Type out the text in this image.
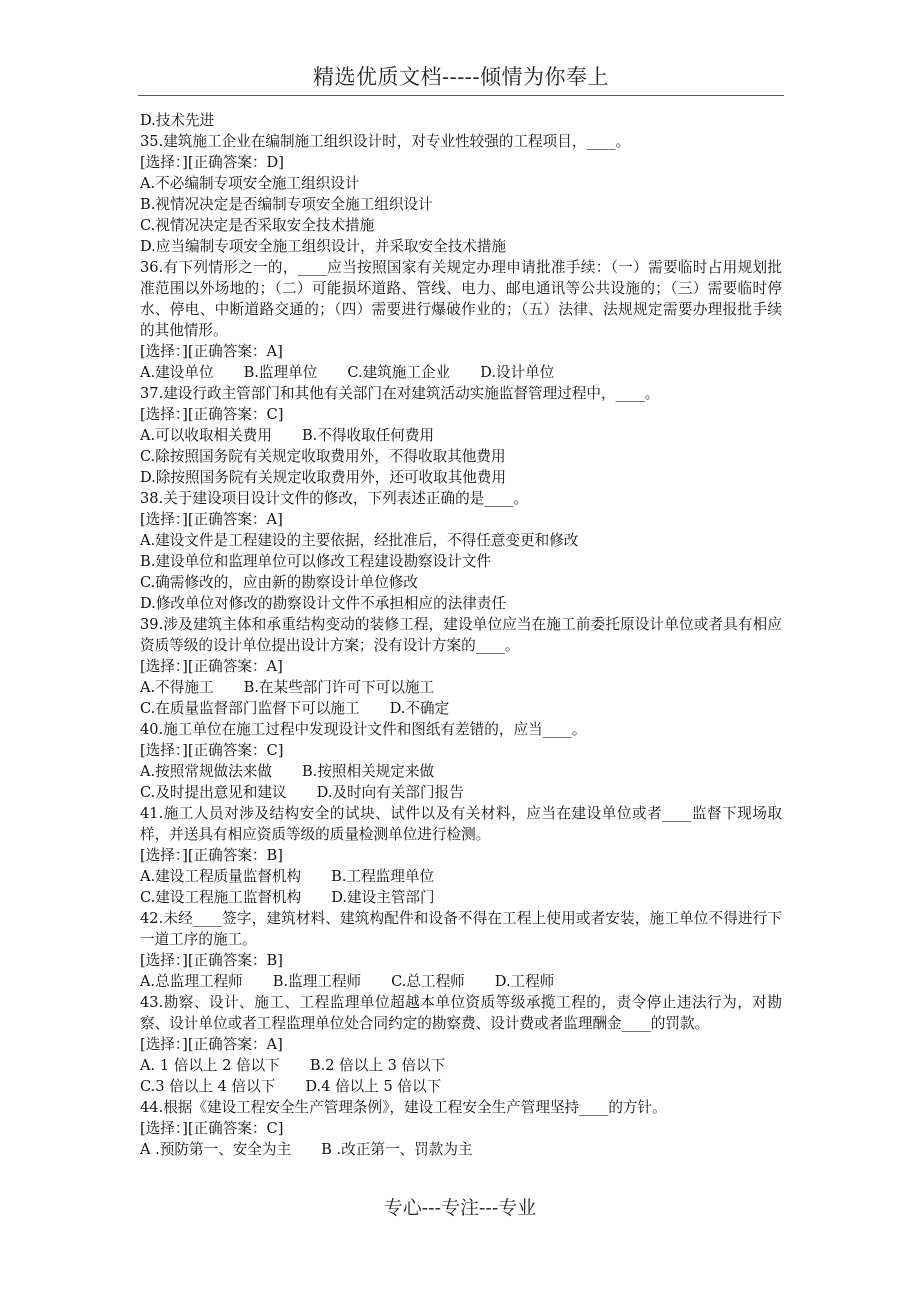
精选优质文档-----倾情为你奉上
D.技术先进
35.建筑施工企业在编制施工组织设计时，对专业性较强的工程项目，____。
[选择：][正确答案：D]
A.不必编制专项安全施工组织设计
B.视情况决定是否编制专项安全施工组织设计
C.视情况决定是否采取安全技术措施
D.应当编制专项安全施工组织设计，并采取安全技术措施
36.有下列情形之一的，____应当按照国家有关规定办理申请批准手续：（一）需要临时占用规划批准范围以外场地的；（二）可能损坏道路、管线、电力、邮电通讯等公共设施的；（三）需要临时停水、停电、中断道路交通的；（四）需要进行爆破作业的；（五）法律、法规规定需要办理报批手续的其他情形。
[选择：][正确答案：A]
A.建设单位 B.监理单位 C.建筑施工企业 D.设计单位
37.建设行政主管部门和其他有关部门在对建筑活动实施监督管理过程中，____。
[选择：][正确答案：C]
A.可以收取相关费用 B.不得收取任何费用
C.除按照国务院有关规定收取费用外，不得收取其他费用
D.除按照国务院有关规定收取费用外，还可收取其他费用
38.关于建设项目设计文件的修改，下列表述正确的是____。
[选择：][正确答案：A]
A.建设文件是工程建设的主要依据，经批准后，不得任意变更和修改
B.建设单位和监理单位可以修改工程建设勘察设计文件
C.确需修改的，应由新的勘察设计单位修改
D.修改单位对修改的勘察设计文件不承担相应的法律责任
39.涉及建筑主体和承重结构变动的装修工程，建设单位应当在施工前委托原设计单位或者具有相应资质等级的设计单位提出设计方案；没有设计方案的____。
[选择：][正确答案：A]
A.不得施工 B.在某些部门许可下可以施工
C.在质量监督部门监督下可以施工 D.不确定
40.施工单位在施工过程中发现设计文件和图纸有差错的，应当____。
[选择：][正确答案：C]
A.按照常规做法来做 B.按照相关规定来做
C.及时提出意见和建议 D.及时向有关部门报告
41.施工人员对涉及结构安全的试块、试件以及有关材料，应当在建设单位或者____监督下现场取样，并送具有相应资质等级的质量检测单位进行检测。
[选择：][正确答案：B]
A.建设工程质量监督机构 B.工程监理单位
C.建设工程施工监督机构 D.建设主管部门
42.未经____签字，建筑材料、建筑构配件和设备不得在工程上使用或者安装，施工单位不得进行下一道工序的施工。
[选择：][正确答案：B]
A.总监理工程师 B.监理工程师 C.总工程师 D.工程师
43.勘察、设计、施工、工程监理单位超越本单位资质等级承揽工程的，责令停止违法行为，对勘察、设计单位或者工程监理单位处合同约定的勘察费、设计费或者监理酬金____的罚款。
[选择：][正确答案：A]
A. 1 倍以上 2 倍以下 B.2 倍以上 3 倍以下
C.3 倍以上 4 倍以下 D.4 倍以上 5 倍以下
44.根据《建设工程安全生产管理条例》，建设工程安全生产管理坚持____的方针。
[选择：][正确答案：C]
A .预防第一、安全为主 B .改正第一、罚款为主
专心---专注---专业
